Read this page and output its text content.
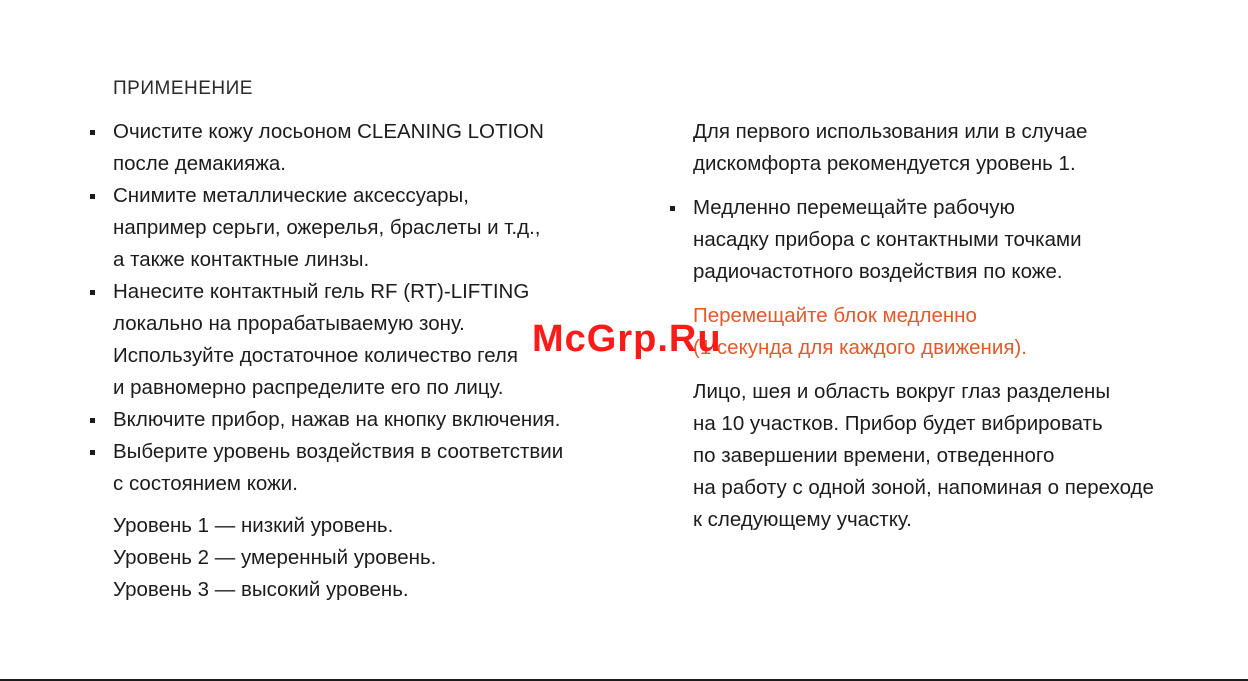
ПРИМЕНЕНИЕ
Очистите кожу лосьоном CLEANING LOTION
после демакияжа.
Снимите металлические аксессуары,
например серьги, ожерелья, браслеты и т.д.,
а также контактные линзы.
Нанесите контактный гель RF (RT)-LIFTING
локально на прорабатываемую зону.
Используйте достаточное количество геля
и равномерно распределите его по лицу.
Включите прибор, нажав на кнопку включения.
Выберите уровень воздействия в соответствии
с состоянием кожи.
Уровень 1 — низкий уровень.
Уровень 2 — умеренный уровень.
Уровень 3 — высокий уровень.
Для первого использования или в случае
дискомфорта рекомендуется уровень 1.
Медленно перемещайте рабочую
насадку прибора с контактными точками
радиочастотного воздействия по коже.
Перемещайте блок медленно
(1 секунда для каждого движения).
Лицо, шея и область вокруг глаз разделены
на 10 участков. Прибор будет вибрировать
по завершении времени, отведенного
на работу с одной зоной, напоминая о переходе
к следующему участку.
McGrp.Ru
